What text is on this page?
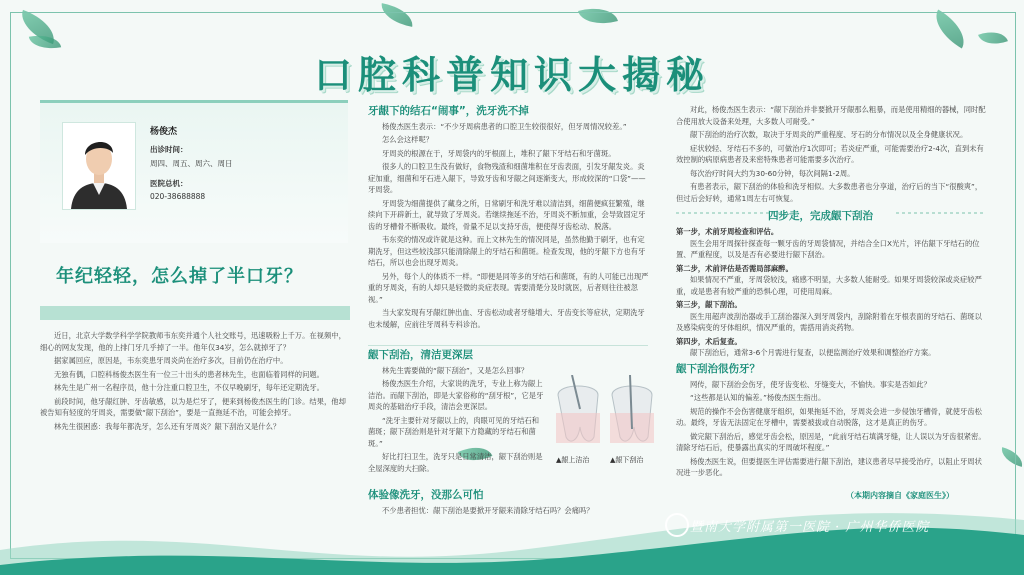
口腔科普知识大揭秘
杨俊杰
出诊时间：
周四、周五、周六、周日
医院总机：
020-38688888
年纪轻轻，怎么掉了半口牙？

近日，北京大学数学科学学院教师韦东奕并通个人社交账号，迅速吸粉上千万。在视频中，细心的网友发现，他的上排门牙几乎掉了一半。他年仅34岁，怎么就掉牙了？

据家属回应，原因是，韦东奕患牙周炎尚在治疗多次，目前仍在治疗中。

无独有偶，口腔科杨俊杰医生有一位三十出头的患者林先生，也面临着同样的问题。

林先生是广州一名程序员，他十分注重口腔卫生，不仅早晚刷牙，每年还定期洗牙。

前段时间，他牙龈红肿、牙齿敏感，以为是烂牙了，便来到杨俊杰医生的门诊。结果，他却被告知有轻度的牙周炎，需要做“龈下刮治”，要是一直拖延不治，可能会掉牙。

林先生很困惑：我每年都洗牙，怎么还有牙周炎？龈下刮治又是什么？

牙龈下的结石“闹事”，洗牙洗不掉

杨俊杰医生表示：“不少牙周病患者的口腔卫生较很很好，但牙周情况较差。”

怎么会这样呢？

牙周炎的根源在于，牙周袋内的牙根面上，堆积了龈下牙结石和牙菌斑。

很多人的口腔卫生没有做好，食物残渣和细菌堆积在牙齿表面，引发牙龈发炎。炎症加重，细菌和牙石进入龈下，导致牙齿和牙龈之间逐渐变大，形成较深的“口袋”——牙周袋。

牙周袋为细菌提供了藏身之所，日常刷牙和洗牙难以清洁到，细菌便疯狂繁殖，继续向下开辟新土，就导致了牙周炎。若继续拖延不治，牙周炎不断加重，会导致固定牙齿的牙槽骨不断吸收。最终，骨量不足以支持牙齿，便使得牙齿松动、脱落。

韦东奕的情况或许就是这种。而上文林先生的情况同是，虽然他勤于刷牙，也有定期洗牙，但这些较浅部只能清除龈上的牙结石和菌斑。检查发现，他的牙龈下方也有牙结石，所以也会出现牙周炎。

另外，每个人的体质不一样。“即便是同等多的牙结石和菌斑，有的人可能已出现严重的牙周炎，有的人却只是轻微的炎症表现。需要清楚分及时就医，后者则往往被忽视。”

当大家发现有牙龈红肿出血、牙齿松动或者牙缝增大、牙齿变长等症状，定期洗牙也未缓解，应前往牙周科专科诊治。

龈下刮治，清洁更深层

林先生需要做的“龈下刮治”，又是怎么回事？

杨俊杰医生介绍，大家说的洗牙，专业上称为龈上洁治。而龈下刮治，即是大家俗称的“刮牙根”，它是牙周炎的基础治疗手段，清洁会更深层。

“洗牙主要针对牙龈以上的，肉眼可见的牙结石和菌斑；龈下刮治则是针对牙龈下方隐藏的牙结石和菌斑。”

好比打扫卫生，洗牙只是日常清洁，龈下刮治则是全屋深度的大扫除。

▲龈上洁治	▲龈下刮治
体验像洗牙，没那么可怕

不少患者担忧：龈下刮治是要掀开牙龈来清除牙结石吗？会痛吗？

对此，杨俊杰医生表示：“龈下刮治并非要掀开牙龈那么粗暴，而是使用精细的器械，同时配合使用放大设备来处理，大多数人可耐受。”

龈下刮治的治疗次数，取决于牙周炎的严重程度、牙石的分布情况以及全身健康状况。

症状较轻、牙结石不多的，可做治疗1次即可；若炎症严重，可能需要治疗2-4次，直到未有效控制的病原病患者及来密特殊患者可能需要多次治疗。

每次治疗时间大约为30-60分钟，每次间隔1-2周。

有患者表示，龈下刮治的体验和洗牙相似。大多数患者也分享道，治疗后的当下“很酸爽”，但过后会好转，通常1周左右可恢复。

四步走，完成龈下刮治
第一步，术前牙周检查和评估。

医生会用牙周探针探查每一颗牙齿的牙周袋情况，并结合全口X光片，评估龈下牙结石的位置、严重程度，以及是否有必要进行龈下刮治。

第二步，术前评估是否需局部麻醉。

如果情况不严重，牙周袋较浅，痛感不明显，大多数人能耐受。如果牙周袋较深或炎症较严重，或是患者有较严重的恐惧心理，可使用局麻。

第三步，龈下刮治。

医生用超声波刮治器或手工刮治器深入到牙周袋内，刮除附着在牙根表面的牙结石、菌斑以及感染病变的牙体组织，情况严重的，需搭用消炎药物。

第四步，术后复查。

龈下刮治后，通常3-6个月需进行复查，以便监测治疗效果和调整治疗方案。

龈下刮治很伤牙？

网传，龈下刮治会伤牙，使牙齿变松、牙缝变大，不愉快。事实是否如此？

“这些都是认知的偏差。”杨俊杰医生指出。

规范的操作不会伤害健康牙组织，如果拖延不治，牙周炎会进一步侵蚀牙槽骨，就使牙齿松动。最终，牙齿无法固定在牙槽中，需要被拔或自动脱落，这才是真正的伤牙。

做完龈下刮治后，感觉牙齿会松，原因是，“此前牙结石填满牙缝，让人误以为牙齿很紧密。清除牙结石后，使暴露出真实的牙周破坏程度。”

杨俊杰医生说，但要提医生评估需要进行龈下刮治，建议患者尽早接受治疗，以阻止牙周状况进一步恶化。

（本期内容摘自《家庭医生》）
暨南大学附属第一医院 · 广州华侨医院
